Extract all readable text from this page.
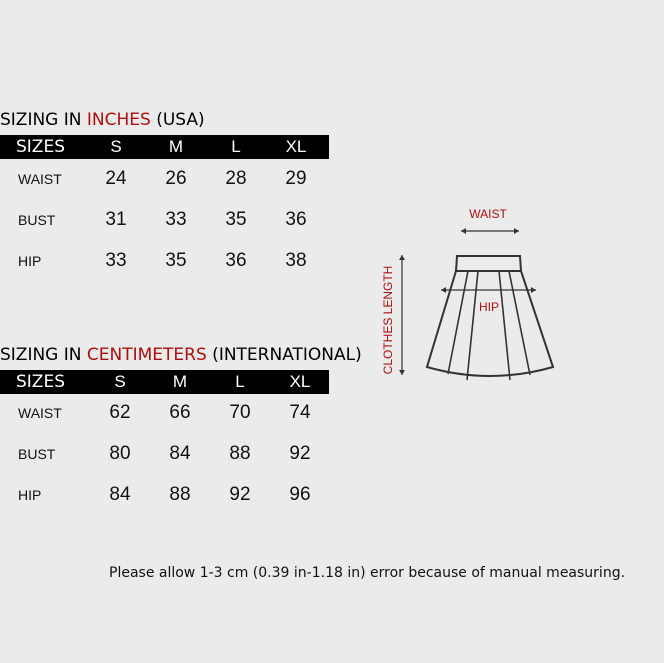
SIZING IN INCHES (USA)
SIZES	S	M	L	XL
WAIST	24	26	28	29
BUST	31	33	35	36
HIP	33	35	36	38
SIZING IN CENTIMETERS (INTERNATIONAL)
SIZES	S	M	L	XL
WAIST	62	66	70	74
BUST	80	84	88	92
HIP	84	88	92	96
WAIST
HIP
CLOTHES LENGTH
Please allow 1-3 cm (0.39 in-1.18 in) error because of manual measuring.
